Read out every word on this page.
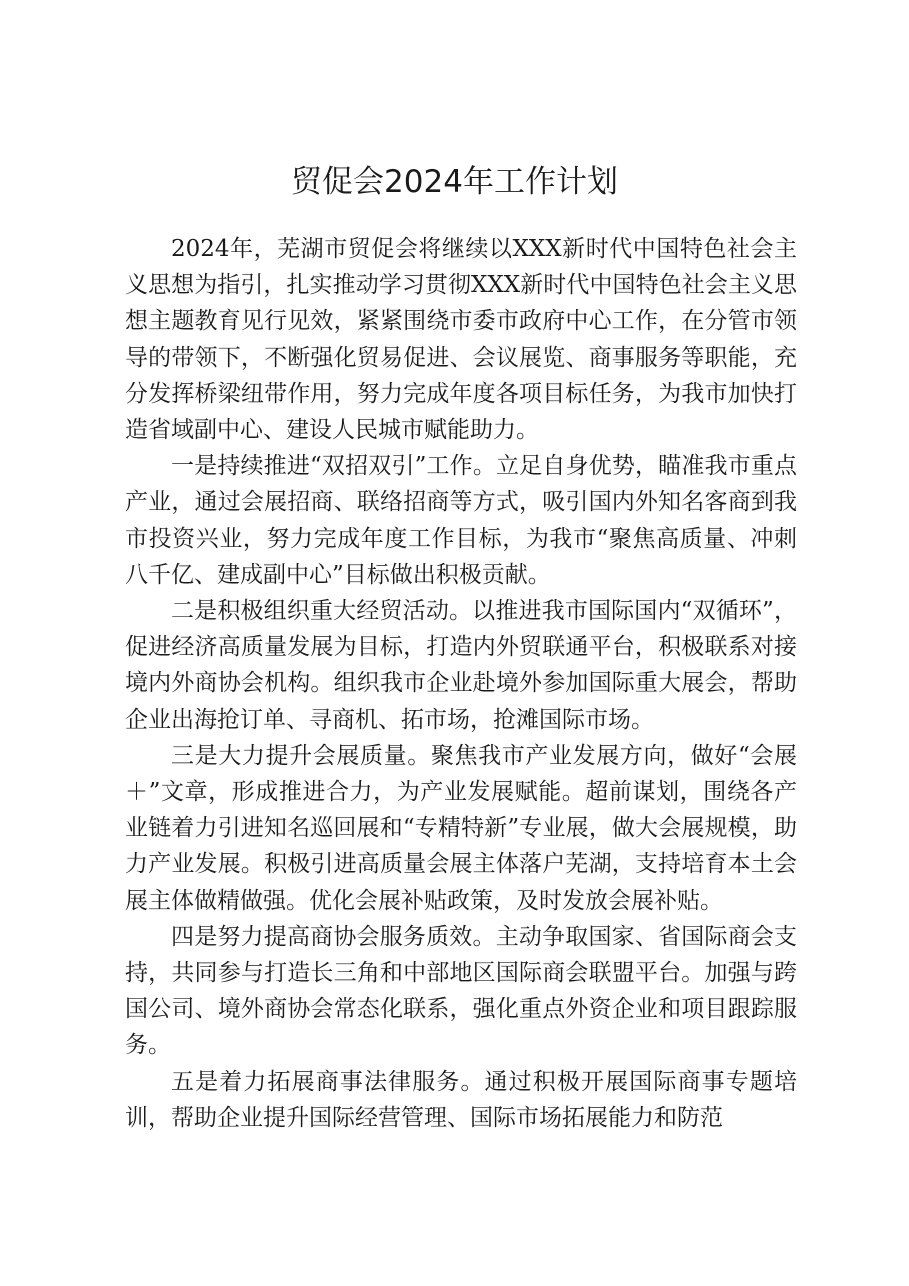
贸促会2024年工作计划

2024年，芜湖市贸促会将继续以XXX新时代中国特色社会主义思想为指引，扎实推动学习贯彻XXX新时代中国特色社会主义思想主题教育见行见效，紧紧围绕市委市政府中心工作，在分管市领导的带领下，不断强化贸易促进、会议展览、商事服务等职能，充分发挥桥梁纽带作用，努力完成年度各项目标任务，为我市加快打造省域副中心、建设人民城市赋能助力。

一是持续推进“双招双引”工作。立足自身优势，瞄准我市重点产业，通过会展招商、联络招商等方式，吸引国内外知名客商到我市投资兴业，努力完成年度工作目标，为我市“聚焦高质量、冲刺八千亿、建成副中心”目标做出积极贡献。

二是积极组织重大经贸活动。以推进我市国际国内“双循环”，促进经济高质量发展为目标，打造内外贸联通平台，积极联系对接境内外商协会机构。组织我市企业赴境外参加国际重大展会，帮助企业出海抢订单、寻商机、拓市场，抢滩国际市场。

三是大力提升会展质量。聚焦我市产业发展方向，做好“会展＋”文章，形成推进合力，为产业发展赋能。超前谋划，围绕各产业链着力引进知名巡回展和“专精特新”专业展，做大会展规模，助力产业发展。积极引进高质量会展主体落户芜湖，支持培育本土会展主体做精做强。优化会展补贴政策，及时发放会展补贴。

四是努力提高商协会服务质效。主动争取国家、省国际商会支持，共同参与打造长三角和中部地区国际商会联盟平台。加强与跨国公司、境外商协会常态化联系，强化重点外资企业和项目跟踪服务。

五是着力拓展商事法律服务。通过积极开展国际商事专题培训，帮助企业提升国际经营管理、国际市场拓展能力和防范
